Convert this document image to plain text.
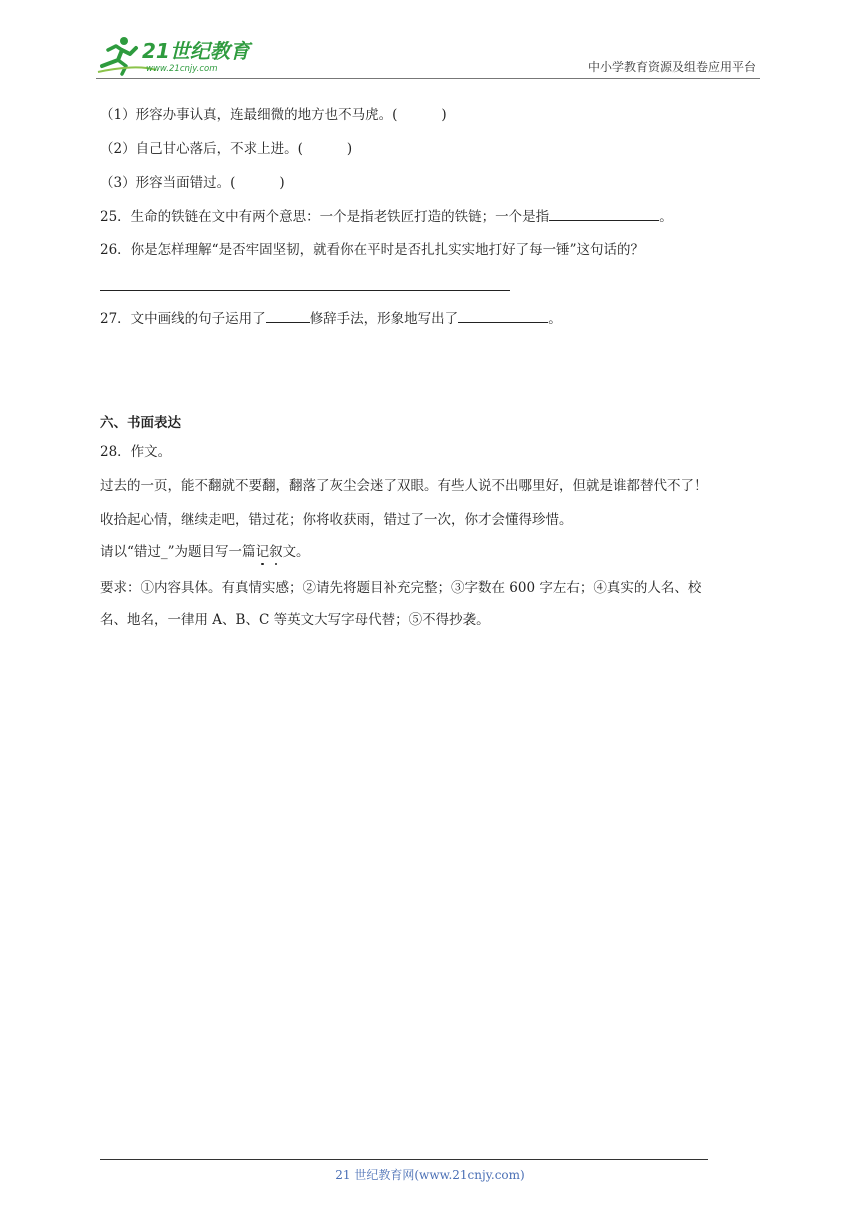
21世纪教育
www.21cnjy.com	中小学教育资源及组卷应用平台
（1）形容办事认真，连最细微的地方也不马虎。(	)
（2）自己甘心落后，不求上进。(	)
（3）形容当面错过。(	)
25．生命的铁链在文中有两个意思：一个是指老铁匠打造的铁链；一个是指	。
26．你是怎样理解“是否牢固坚韧，就看你在平时是否扎扎实实地打好了每一锤”这句话的？
27．文中画线的句子运用了	修辞手法，形象地写出了	。
六、书面表达
28．作文。
过去的一页，能不翻就不要翻，翻落了灰尘会迷了双眼。有些人说不出哪里好，但就是谁都替代不了！
收拾起心情，继续走吧，错过花；你将收获雨，错过了一次，你才会懂得珍惜。
请以“错过_”为题目写一篇记叙文。
要求：①内容具体。有真情实感；②请先将题目补充完整；③字数在 600 字左右；④真实的人名、校
名、地名，一律用 A、B、C 等英文大写字母代替；⑤不得抄袭。
21 世纪教育网(www.21cnjy.com)
